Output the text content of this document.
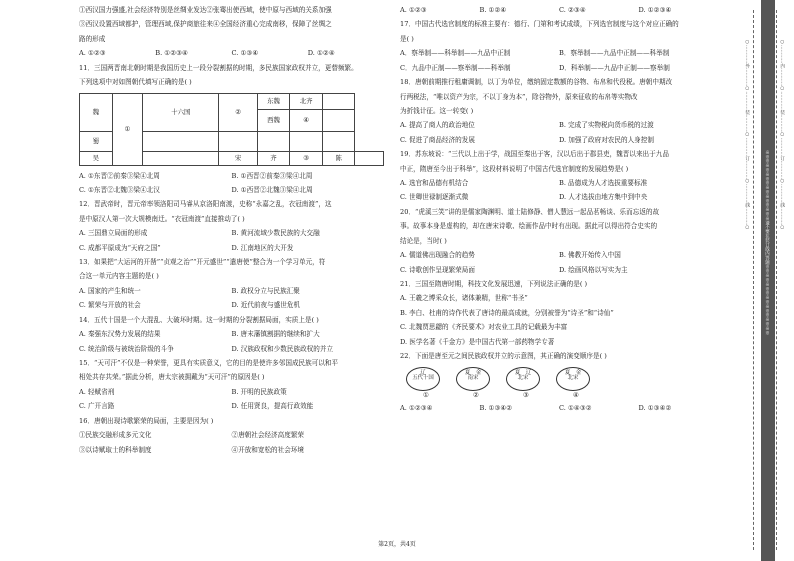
①西汉国力强盛,社会经济特别是丝绸业发达②张骞出使西域，使中原与西域的关系加强
③西汉设置西域都护，管理西域,保护商旅往来④全国经济重心完成南移，保障了丝绸之
路的形成
A. ①②③	B. ①②③④	C. ①③④	D. ①②④
11．三国两晋南北朝时期是我国历史上一段分裂割据的时期，多民族国家政权并立，更替频繁。
下列选项中对如图朝代填写正确的是( )
魏	①	十六国	②	东魏	北齐		
				西魏	④		
蜀							
吴			宋	齐	③	陈	
A. ①东晋②前秦③梁④北周	B. ①西晋②前秦③梁④北周
C. ①东晋②北魏③梁④北汉	D. ①西晋②北魏③梁④北周
12．晋武帝时，晋元帝率领洛阳司马睿从京洛阳南渡，史称“永嘉之乱，衣冠南渡”，这
是中原汉人第一次大规模南迁。“衣冠南渡”直接推动了( )
A. 三国鼎立局面的形成	B. 黄河流域少数民族的大交融
C. 成都平原成为“天府之国”	D. 江南地区的大开发
13．如果把“大运河的开凿”“贞观之治”“开元盛世”“遣唐使”整合为一个学习单元，符
合这一单元内容主题的是( )
A. 国家的产生和统一	B. 政权分立与民族汇聚
C. 繁荣与开放的社会	D. 近代前夜与盛世危机
14．五代十国是一个大混乱、大破坏时期。这一时期的分裂割据局面，实质上是( )
A. 秦强东汉势力发展的结果	B. 唐末藩镇割据的继续和扩大
C. 统治阶级与被统治阶级的斗争	D. 汉族政权和少数民族政权的并立
15．“天可汗”不仅是一种荣誉，更具有实质意义，它的目的是使许多邻国成民族可以和平
相处共存共荣。”据此分析，唐太宗被拥戴为“天可汗”的原因是( )
A. 轻赋省刑	B. 开明的民族政策
C. 广开言路	D. 任用贤良，提高行政效能
16．唐朝出现诗歌繁荣的局面，主要是因为( )
①民族交融形成多元文化	②唐朝社会经济高度繁荣
③以诗赋取士的科举制度	④开放和宽松的社会环境
A. ①②③	B. ①②④	C. ②③④	D. ①②③④
17．中国古代选官制度的标准主要有：德行、门第和考试成绩，下列选官制度与这个对应正确的
是( )
A．察举制——科举制——九品中正制	B．察举制——九品中正制——科举制
C．九品中正制——察举制——科举制	D．科举制——九品中正制——察举制
18．唐朝前期推行租庸调制，以丁为单位，缴纳固定数额的谷物、布帛和代役税。唐朝中期改
行两税法，“唯以资产为宗，不以丁身为本”，除谷物外，原来征收的布帛等实物改
为折钱计征。这一转变( )
A. 提高了商人的政治地位	B. 完成了实物税向货币税的过渡
C. 促进了商品经济的发展	D. 加强了政府对农民的人身控制
19．苏东坡说：“三代以上出于学，战国至秦出于客，汉以后出于郡县吏，魏晋以来出于九品
中正，隋唐至今出于科举”，这段材料说明了中国古代选官制度的发展趋势是( )
A. 选官和品德有机结合	B. 品德成为人才选拔重要标准
C. 世卿世禄制逐渐式微	D. 人才选拔由地方集中到中央
20．“虎溪三笑”讲的是儒家陶渊明、道士陆修静、僧人慧远一起品茗畅谈、乐而忘返的故
事。故事本身是虚构的，却在唐宋诗歌、绘画作品中时有出现。据此可以得出符合史实的
结论是，当时( )
A. 儒道佛出现融合的趋势	B. 佛教开始传入中国
C. 诗歌创作呈现繁荣局面	D. 绘画风格以写实为主
21．三国至隋唐时期，科技文化发展迅速，下列说法正确的是( )
A. 王羲之博采众长，诸体兼精，世称“书圣”
B. 李白、杜甫的诗作代表了唐诗的最高成就，分别被誉为“诗圣”和“诗仙”
C. 北魏贾思勰的《齐民要术》对农业工具的记载最为丰富
D. 医学名著《千金方》是中国古代第一部药物学专著
22．下面是唐至元之间民族政权并立的示意图，其正确的演变顺序是( )
辽
五代十国
①
夏　金
南宋
②
夏　辽
北宋
③
夏　金
北宋
④
A. ①②③④	B. ①③④②	C. ①④③②	D. ①③④②
第2页，共4页
○…………内…………○…………装…………○…………订…………○…………线…………○
○…………外…………○…………装…………○…………订…………○…………线…………○
※※※※※※※※※※※※※※※※请不要在装订线内答题※※※※※※※※※※※※※※※※
